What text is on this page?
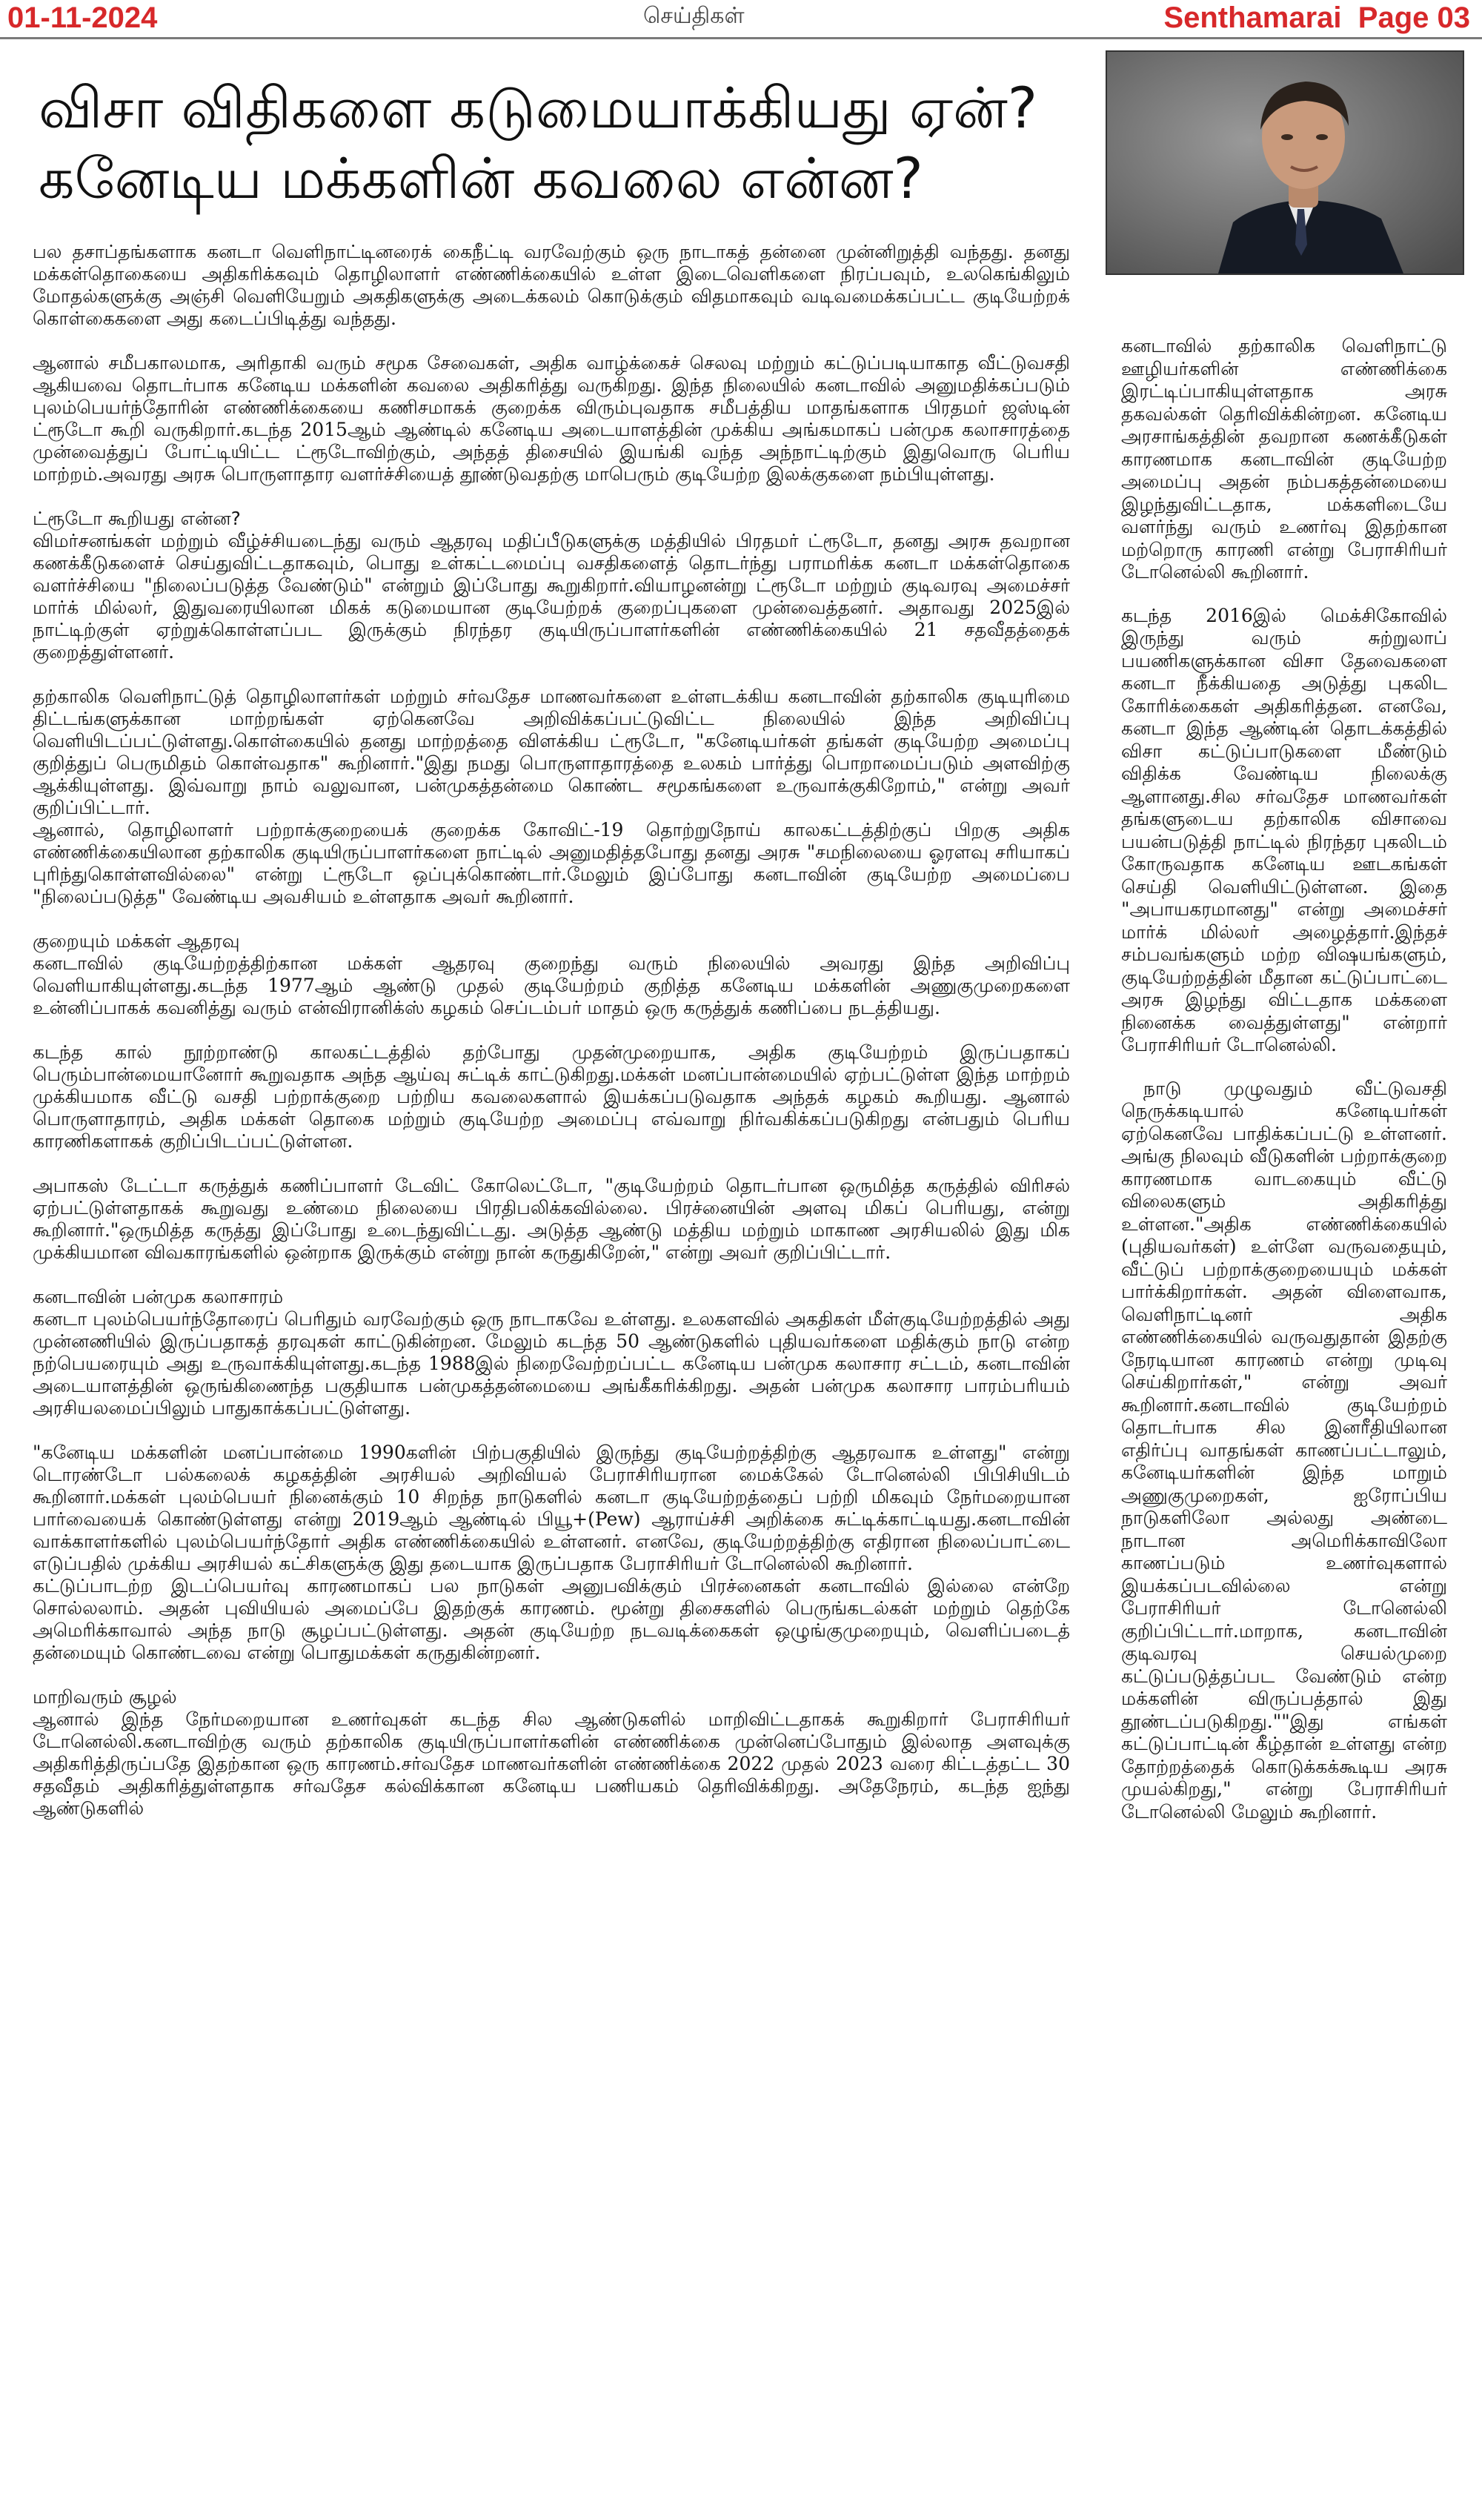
01-11-2024	செய்திகள்	Senthamarai Page 03
விசா விதிகளை கடுமையாக்கியது ஏன்?
கனேடிய மக்களின் கவலை என்ன?

பல தசாப்தங்களாக கனடா வெளிநாட்டினரைக் கைநீட்டி வரவேற்கும் ஒரு நாடாகத் தன்னை முன்னிறுத்தி வந்தது. தனது மக்கள்தொகையை அதிகரிக்கவும் தொழிலாளர் எண்ணிக்கையில் உள்ள இடைவெளிகளை நிரப்பவும், உலகெங்கிலும் மோதல்களுக்கு அஞ்சி வெளியேறும் அகதிகளுக்கு அடைக்கலம் கொடுக்கும் விதமாகவும் வடிவமைக்கப்பட்ட குடியேற்றக் கொள்கைகளை அது கடைப்பிடித்து வந்தது.

ஆனால் சமீபகாலமாக, அரிதாகி வரும் சமூக சேவைகள், அதிக வாழ்க்கைச் செலவு மற்றும் கட்டுப்படியாகாத வீட்டுவசதி ஆகியவை தொடர்பாக கனேடிய மக்களின் கவலை அதிகரித்து வருகிறது. இந்த நிலையில் கனடாவில் அனுமதிக்கப்படும் புலம்பெயர்ந்தோரின் எண்ணிக்கையை கணிசமாகக் குறைக்க விரும்புவதாக சமீபத்திய மாதங்களாக பிரதமர் ஜஸ்டின் ட்ரூடோ கூறி வருகிறார்.கடந்த 2015ஆம் ஆண்டில் கனேடிய அடையாளத்தின் முக்கிய அங்கமாகப் பன்முக கலாசாரத்தை முன்வைத்துப் போட்டியிட்ட ட்ரூடோவிற்கும், அந்தத் திசையில் இயங்கி வந்த அந்நாட்டிற்கும் இதுவொரு பெரிய மாற்றம்.அவரது அரசு பொருளாதார வளர்ச்சியைத் தூண்டுவதற்கு மாபெரும் குடியேற்ற இலக்குகளை நம்பியுள்ளது.

ட்ரூடோ கூறியது என்ன?

விமர்சனங்கள் மற்றும் வீழ்ச்சியடைந்து வரும் ஆதரவு மதிப்பீடுகளுக்கு மத்தியில் பிரதமர் ட்ரூடோ, தனது அரசு தவறான கணக்கீடுகளைச் செய்துவிட்டதாகவும், பொது உள்கட்டமைப்பு வசதிகளைத் தொடர்ந்து பராமரிக்க கனடா மக்கள்தொகை வளர்ச்சியை "நிலைப்படுத்த வேண்டும்" என்றும் இப்போது கூறுகிறார்.வியாழனன்று ட்ரூடோ மற்றும் குடிவரவு அமைச்சர் மார்க் மில்லர், இதுவரையிலான மிகக் கடுமையான குடியேற்றக் குறைப்புகளை முன்வைத்தனர். அதாவது 2025இல் நாட்டிற்குள் ஏற்றுக்கொள்ளப்பட இருக்கும் நிரந்தர குடியிருப்பாளர்களின் எண்ணிக்கையில் 21 சதவீதத்தைக் குறைத்துள்ளனர்.

தற்காலிக வெளிநாட்டுத் தொழிலாளர்கள் மற்றும் சர்வதேச மாணவர்களை உள்ளடக்கிய கனடாவின் தற்காலிக குடியுரிமை திட்டங்களுக்கான மாற்றங்கள் ஏற்கெனவே அறிவிக்கப்பட்டுவிட்ட நிலையில் இந்த அறிவிப்பு வெளியிடப்பட்டுள்ளது.கொள்கையில் தனது மாற்றத்தை விளக்கிய ட்ரூடோ, "கனேடியர்கள் தங்கள் குடியேற்ற அமைப்பு குறித்துப் பெருமிதம் கொள்வதாக" கூறினார்."இது நமது பொருளாதாரத்தை உலகம் பார்த்து பொறாமைப்படும் அளவிற்கு ஆக்கியுள்ளது. இவ்வாறு நாம் வலுவான, பன்முகத்தன்மை கொண்ட சமூகங்களை உருவாக்குகிறோம்," என்று அவர் குறிப்பிட்டார்.

ஆனால், தொழிலாளர் பற்றாக்குறையைக் குறைக்க கோவிட்-19 தொற்றுநோய் காலகட்டத்திற்குப் பிறகு அதிக எண்ணிக்கையிலான தற்காலிக குடியிருப்பாளர்களை நாட்டில் அனுமதித்தபோது தனது அரசு "சமநிலையை ஓரளவு சரியாகப் புரிந்துகொள்ளவில்லை" என்று ட்ரூடோ ஒப்புக்கொண்டார்.மேலும் இப்போது கனடாவின் குடியேற்ற அமைப்பை "நிலைப்படுத்த" வேண்டிய அவசியம் உள்ளதாக அவர் கூறினார்.

குறையும் மக்கள் ஆதரவு

கனடாவில் குடியேற்றத்திற்கான மக்கள் ஆதரவு குறைந்து வரும் நிலையில் அவரது இந்த அறிவிப்பு வெளியாகியுள்ளது.கடந்த 1977ஆம் ஆண்டு முதல் குடியேற்றம் குறித்த கனேடிய மக்களின் அணுகுமுறைகளை உன்னிப்பாகக் கவனித்து வரும் என்விரானிக்ஸ் கழகம் செப்டம்பர் மாதம் ஒரு கருத்துக் கணிப்பை நடத்தியது.

கடந்த கால் நூற்றாண்டு காலகட்டத்தில் தற்போது முதன்முறையாக, அதிக குடியேற்றம் இருப்பதாகப் பெரும்பான்மையானோர் கூறுவதாக அந்த ஆய்வு சுட்டிக் காட்டுகிறது.மக்கள் மனப்பான்மையில் ஏற்பட்டுள்ள இந்த மாற்றம் முக்கியமாக வீட்டு வசதி பற்றாக்குறை பற்றிய கவலைகளால் இயக்கப்படுவதாக அந்தக் கழகம் கூறியது. ஆனால் பொருளாதாரம், அதிக மக்கள் தொகை மற்றும் குடியேற்ற அமைப்பு எவ்வாறு நிர்வகிக்கப்படுகிறது என்பதும் பெரிய காரணிகளாகக் குறிப்பிடப்பட்டுள்ளன.

அபாகஸ் டேட்டா கருத்துக் கணிப்பாளர் டேவிட் கோலெட்டோ, "குடியேற்றம் தொடர்பான ஒருமித்த கருத்தில் விரிசல் ஏற்பட்டுள்ளதாகக் கூறுவது உண்மை நிலையை பிரதிபலிக்கவில்லை. பிரச்னையின் அளவு மிகப் பெரியது, என்று கூறினார்."ஒருமித்த கருத்து இப்போது உடைந்துவிட்டது. அடுத்த ஆண்டு மத்திய மற்றும் மாகாண அரசியலில் இது மிக முக்கியமான விவகாரங்களில் ஒன்றாக இருக்கும் என்று நான் கருதுகிறேன்," என்று அவர் குறிப்பிட்டார்.

கனடாவின் பன்முக கலாசாரம்

கனடா புலம்பெயர்ந்தோரைப் பெரிதும் வரவேற்கும் ஒரு நாடாகவே உள்ளது. உலகளவில் அகதிகள் மீள்குடியேற்றத்தில் அது முன்னணியில் இருப்பதாகத் தரவுகள் காட்டுகின்றன. மேலும் கடந்த 50 ஆண்டுகளில் புதியவர்களை மதிக்கும் நாடு என்ற நற்பெயரையும் அது உருவாக்கியுள்ளது.கடந்த 1988இல் நிறைவேற்றப்பட்ட கனேடிய பன்முக கலாசார சட்டம், கனடாவின் அடையாளத்தின் ஒருங்கிணைந்த பகுதியாக பன்முகத்தன்மையை அங்கீகரிக்கிறது. அதன் பன்முக கலாசார பாரம்பரியம் அரசியலமைப்பிலும் பாதுகாக்கப்பட்டுள்ளது.

"கனேடிய மக்களின் மனப்பான்மை 1990களின் பிற்பகுதியில் இருந்து குடியேற்றத்திற்கு ஆதரவாக உள்ளது" என்று டொரண்டோ பல்கலைக் கழகத்தின் அரசியல் அறிவியல் பேராசிரியரான மைக்கேல் டோனெல்லி பிபிசியிடம் கூறினார்.மக்கள் புலம்பெயர் நினைக்கும் 10 சிறந்த நாடுகளில் கனடா குடியேற்றத்தைப் பற்றி மிகவும் நேர்மறையான பார்வையைக் கொண்டுள்ளது என்று 2019ஆம் ஆண்டில் பியூ+(Pew) ஆராய்ச்சி அறிக்கை சுட்டிக்காட்டியது.கனடாவின் வாக்காளர்களில் புலம்பெயர்ந்தோர் அதிக எண்ணிக்கையில் உள்ளனர். எனவே, குடியேற்றத்திற்கு எதிரான நிலைப்பாட்டை எடுப்பதில் முக்கிய அரசியல் கட்சிகளுக்கு இது தடையாக இருப்பதாக பேராசிரியர் டோனெல்லி கூறினார்.

கட்டுப்பாடற்ற இடப்பெயர்வு காரணமாகப் பல நாடுகள் அனுபவிக்கும் பிரச்னைகள் கனடாவில் இல்லை என்றே சொல்லலாம். அதன் புவியியல் அமைப்பே இதற்குக் காரணம். மூன்று திசைகளில் பெருங்கடல்கள் மற்றும் தெற்கே அமெரிக்காவால் அந்த நாடு சூழப்பட்டுள்ளது. அதன் குடியேற்ற நடவடிக்கைகள் ஒழுங்குமுறையும், வெளிப்படைத் தன்மையும் கொண்டவை என்று பொதுமக்கள் கருதுகின்றனர்.

மாறிவரும் சூழல்

ஆனால் இந்த நேர்மறையான உணர்வுகள் கடந்த சில ஆண்டுகளில் மாறிவிட்டதாகக் கூறுகிறார் பேராசிரியர் டோனெல்லி.கனடாவிற்கு வரும் தற்காலிக குடியிருப்பாளர்களின் எண்ணிக்கை முன்னெப்போதும் இல்லாத அளவுக்கு அதிகரித்திருப்பதே இதற்கான ஒரு காரணம்.சர்வதேச மாணவர்களின் எண்ணிக்கை 2022 முதல் 2023 வரை கிட்டத்தட்ட 30 சதவீதம் அதிகரித்துள்ளதாக சர்வதேச கல்விக்கான கனேடிய பணியகம் தெரிவிக்கிறது. அதேநேரம், கடந்த ஐந்து ஆண்டுகளில்

கனடாவில் தற்காலிக வெளிநாட்டு ஊழியர்களின் எண்ணிக்கை இரட்டிப்பாகியுள்ளதாக அரசு தகவல்கள் தெரிவிக்கின்றன. கனேடிய அரசாங்கத்தின் தவறான கணக்கீடுகள் காரணமாக கனடாவின் குடியேற்ற அமைப்பு அதன் நம்பகத்தன்மையை இழந்துவிட்டதாக, மக்களிடையே வளர்ந்து வரும் உணர்வு இதற்கான மற்றொரு காரணி என்று பேராசிரியர் டோனெல்லி கூறினார்.

கடந்த 2016இல் மெக்சிகோவில் இருந்து வரும் சுற்றுலாப் பயணிகளுக்கான விசா தேவைகளை கனடா நீக்கியதை அடுத்து புகலிட கோரிக்கைகள் அதிகரித்தன. எனவே, கனடா இந்த ஆண்டின் தொடக்கத்தில் விசா கட்டுப்பாடுகளை மீண்டும் விதிக்க வேண்டிய நிலைக்கு ஆளானது.சில சர்வதேச மாணவர்கள் தங்களுடைய தற்காலிக விசாவை பயன்படுத்தி நாட்டில் நிரந்தர புகலிடம் கோருவதாக கனேடிய ஊடகங்கள் செய்தி வெளியிட்டுள்ளன. இதை "அபாயகரமானது" என்று அமைச்சர் மார்க் மில்லர் அழைத்தார்.இந்தச் சம்பவங்களும் மற்ற விஷயங்களும், குடியேற்றத்தின் மீதான கட்டுப்பாட்டை அரசு இழந்து விட்டதாக மக்களை நினைக்க வைத்துள்ளது" என்றார் பேராசிரியர் டோனெல்லி.

நாடு முழுவதும் வீட்டுவசதி நெருக்கடியால் கனேடியர்கள் ஏற்கெனவே பாதிக்கப்பட்டு உள்ளனர். அங்கு நிலவும் வீடுகளின் பற்றாக்குறை காரணமாக வாடகையும் வீட்டு விலைகளும் அதிகரித்து உள்ளன."அதிக எண்ணிக்கையில் (புதியவர்கள்) உள்ளே வருவதையும், வீட்டுப் பற்றாக்குறையையும் மக்கள் பார்க்கிறார்கள். அதன் விளைவாக, வெளிநாட்டினர் அதிக எண்ணிக்கையில் வருவதுதான் இதற்கு நேரடியான காரணம் என்று முடிவு செய்கிறார்கள்," என்று அவர் கூறினார்.கனடாவில் குடியேற்றம் தொடர்பாக சில இனரீதியிலான எதிர்ப்பு வாதங்கள் காணப்பட்டாலும், கனேடியர்களின் இந்த மாறும் அணுகுமுறைகள், ஐரோப்பிய நாடுகளிலோ அல்லது அண்டை நாடான அமெரிக்காவிலோ காணப்படும் உணர்வுகளால் இயக்கப்படவில்லை என்று பேராசிரியர் டோனெல்லி குறிப்பிட்டார்.மாறாக, கனடாவின் குடிவரவு செயல்முறை கட்டுப்படுத்தப்பட வேண்டும் என்ற மக்களின் விருப்பத்தால் இது தூண்டப்படுகிறது.""இது எங்கள் கட்டுப்பாட்டின் கீழ்தான் உள்ளது என்ற தோற்றத்தைக் கொடுக்கக்கூடிய அரசு முயல்கிறது," என்று பேராசிரியர் டோனெல்லி மேலும் கூறினார்.
